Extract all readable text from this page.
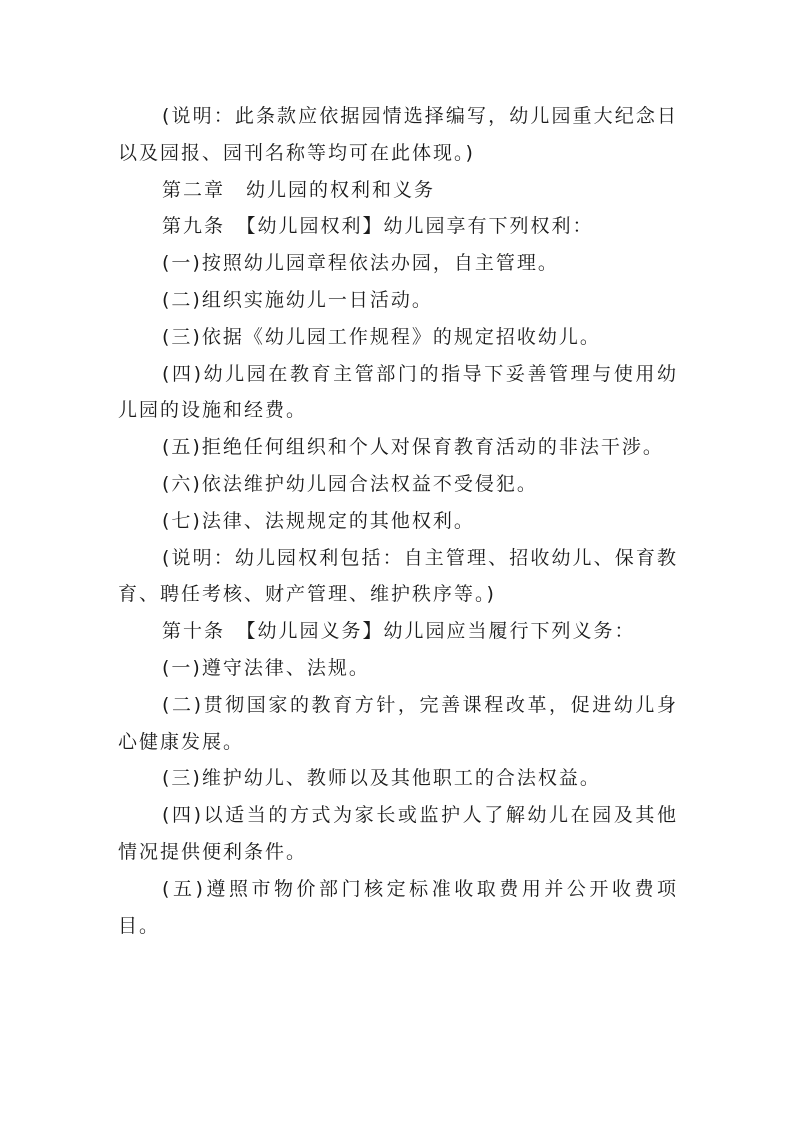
(说明：此条款应依据园情选择编写，幼儿园重大纪念日以及园报、园刊名称等均可在此体现。)

第二章　幼儿园的权利和义务

第九条　【幼儿园权利】幼儿园享有下列权利：

(一)按照幼儿园章程依法办园，自主管理。

(二)组织实施幼儿一日活动。

(三)依据《幼儿园工作规程》的规定招收幼儿。

(四)幼儿园在教育主管部门的指导下妥善管理与使用幼儿园的设施和经费。

(五)拒绝任何组织和个人对保育教育活动的非法干涉。

(六)依法维护幼儿园合法权益不受侵犯。

(七)法律、法规规定的其他权利。

(说明：幼儿园权利包括：自主管理、招收幼儿、保育教育、聘任考核、财产管理、维护秩序等。)

第十条　【幼儿园义务】幼儿园应当履行下列义务：

(一)遵守法律、法规。

(二)贯彻国家的教育方针，完善课程改革，促进幼儿身心健康发展。

(三)维护幼儿、教师以及其他职工的合法权益。

(四)以适当的方式为家长或监护人了解幼儿在园及其他情况提供便利条件。

(五)遵照市物价部门核定标准收取费用并公开收费项目。
